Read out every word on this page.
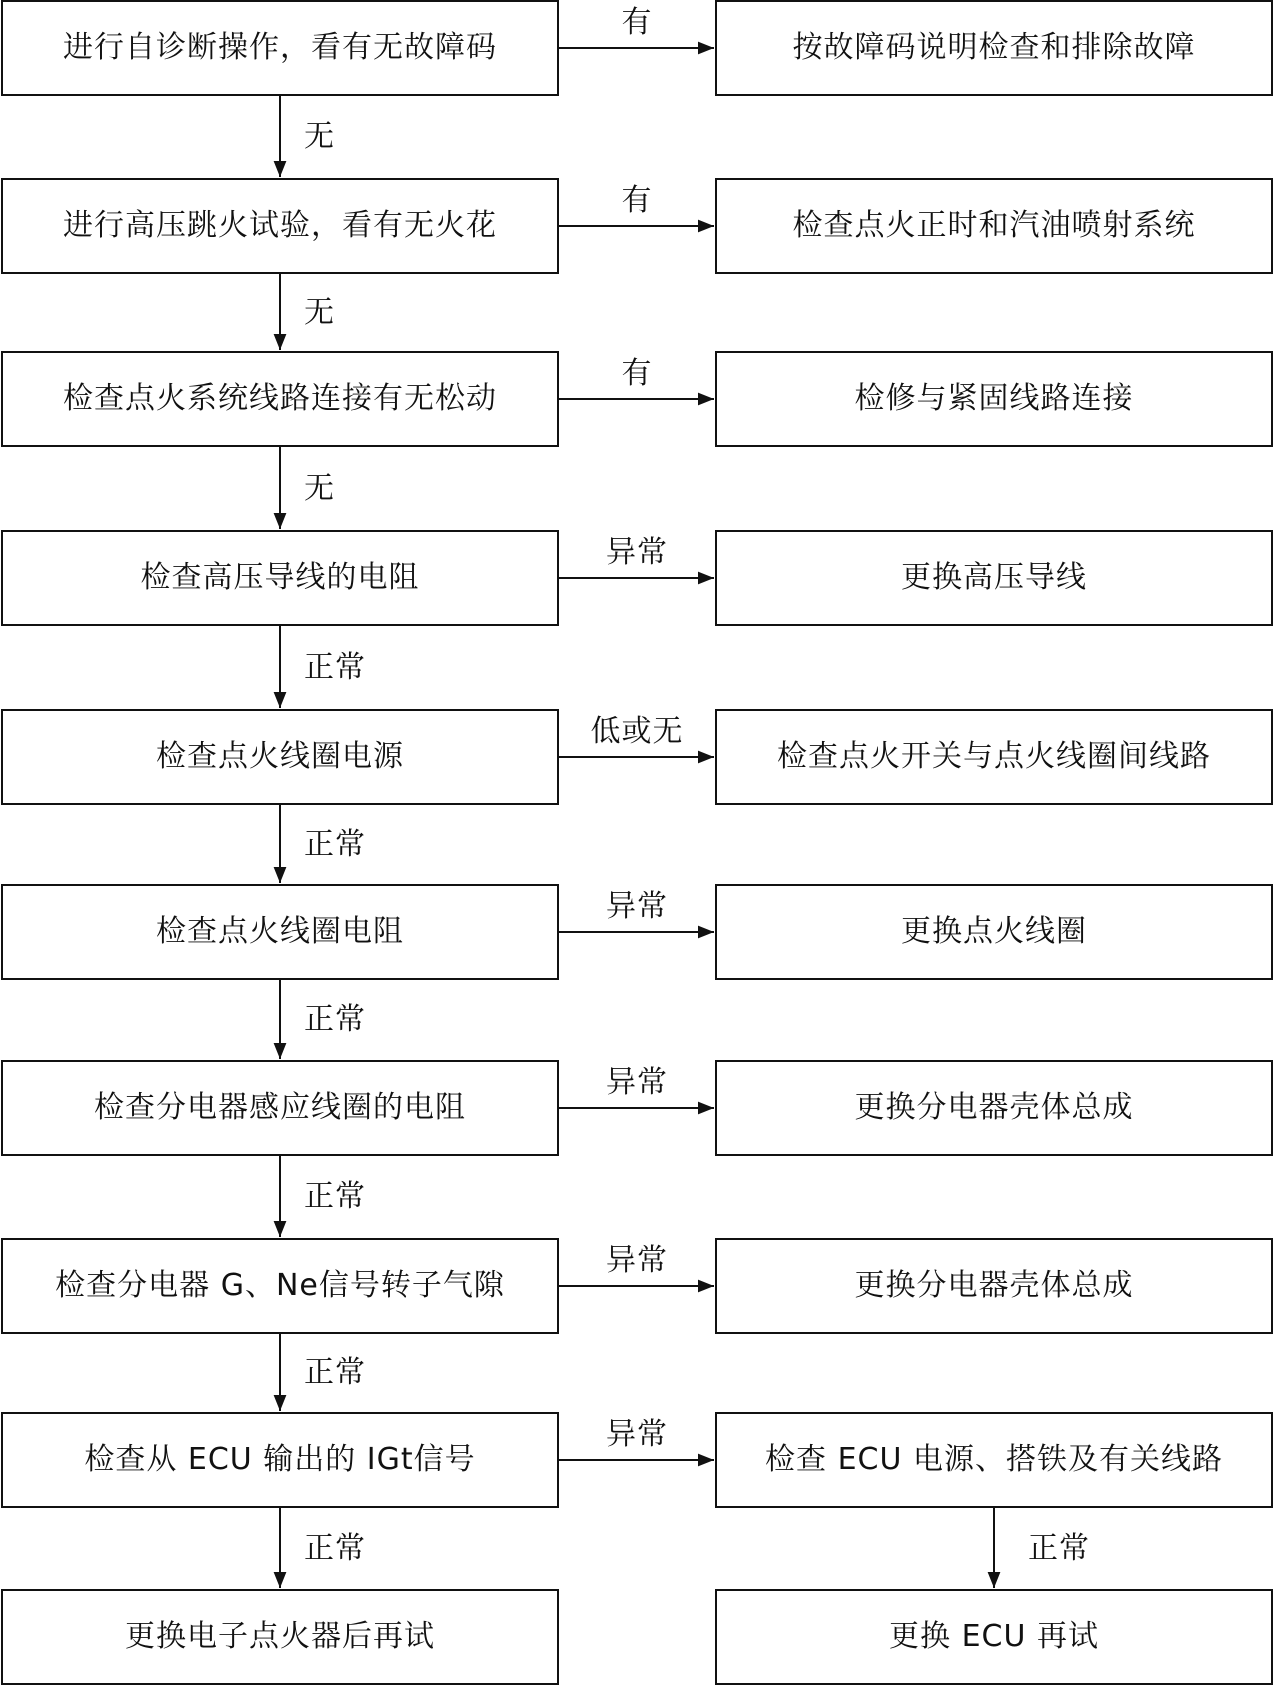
进行自诊断操作，看有无故障码	按故障码说明检查和排除故障
有
无
进行高压跳火试验，看有无火花	检查点火正时和汽油喷射系统
有
无
检查点火系统线路连接有无松动	检修与紧固线路连接
有
无
检查高压导线的电阻	更换高压导线
异常
正常
检查点火线圈电源	检查点火开关与点火线圈间线路
低或无
正常
检查点火线圈电阻	更换点火线圈
异常
正常
检查分电器感应线圈的电阻	更换分电器壳体总成
异常
正常
检查分电器 G、Ne信号转子气隙	更换分电器壳体总成
异常
正常
检查从 ECU 输出的 IGt信号	检查 ECU 电源、搭铁及有关线路
异常
正常
更换电子点火器后再试	更换 ECU 再试
正常
